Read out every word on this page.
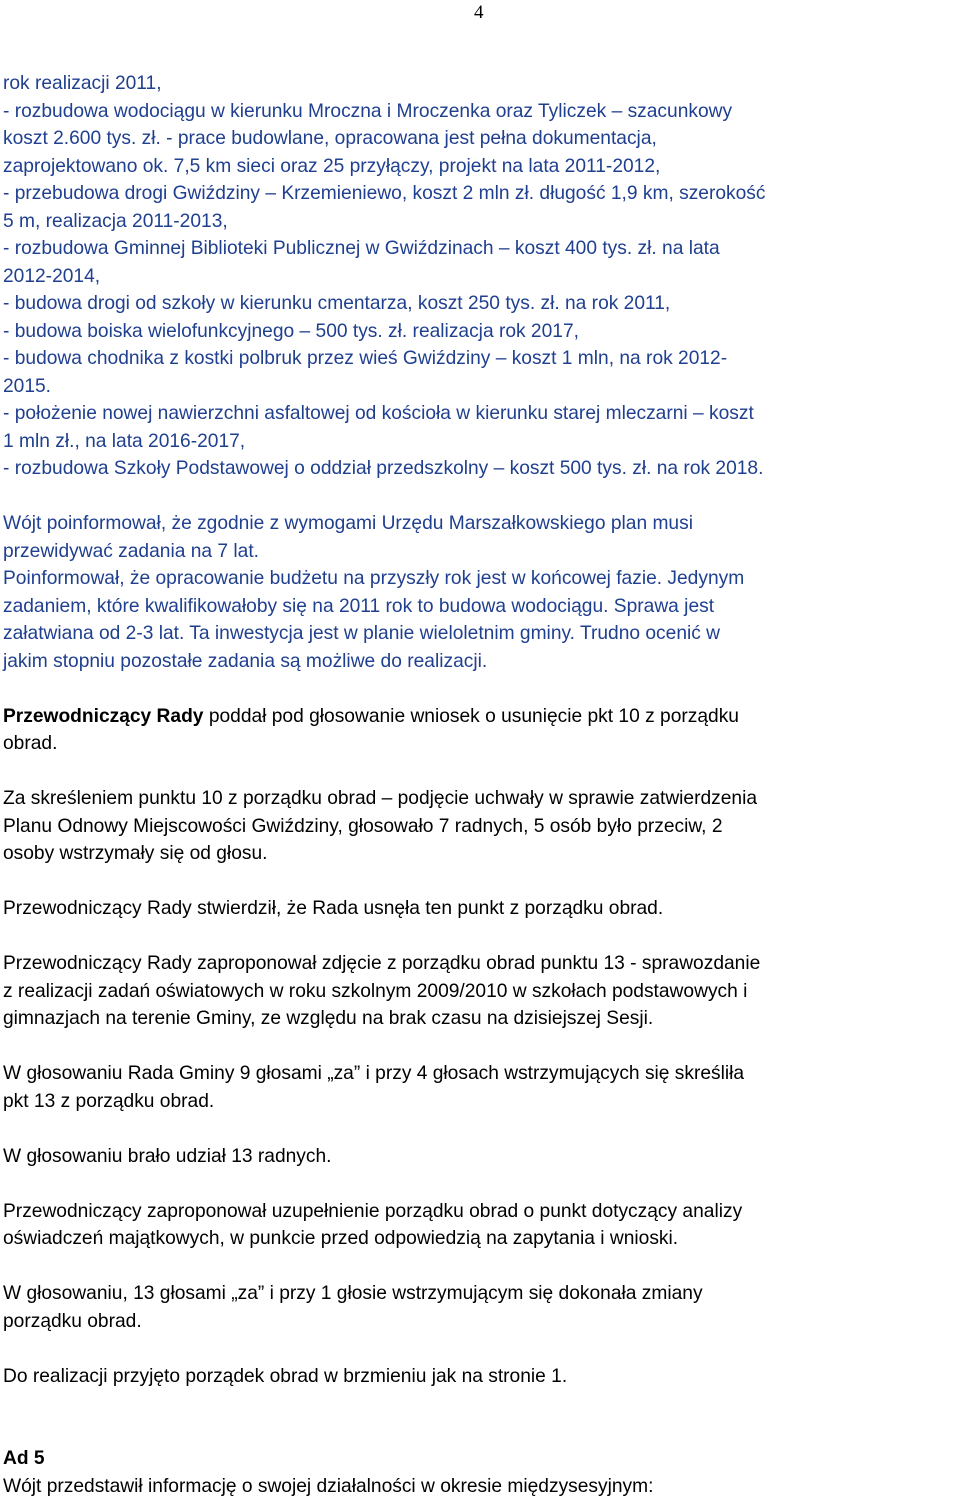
4
rok realizacji 2011,
- rozbudowa wodociągu w kierunku Mroczna i Mroczenka oraz Tyliczek – szacunkowy
koszt 2.600 tys. zł. - prace budowlane, opracowana jest pełna dokumentacja,
zaprojektowano ok. 7,5 km sieci oraz 25 przyłączy, projekt na lata 2011-2012,
- przebudowa drogi Gwiździny – Krzemieniewo, koszt 2 mln zł. długość 1,9 km, szerokość
5 m, realizacja 2011-2013,
- rozbudowa Gminnej Biblioteki Publicznej w Gwiździnach – koszt 400 tys. zł. na lata
2012-2014,
- budowa drogi od szkoły w kierunku cmentarza, koszt 250 tys. zł. na rok 2011,
- budowa boiska wielofunkcyjnego – 500 tys. zł. realizacja rok 2017,
- budowa chodnika z kostki polbruk przez wieś Gwiździny – koszt 1 mln, na rok 2012-
2015.
- położenie nowej nawierzchni asfaltowej od kościoła w kierunku starej mleczarni – koszt
1 mln zł., na lata 2016-2017,
- rozbudowa Szkoły Podstawowej o oddział przedszkolny – koszt 500 tys. zł. na rok 2018.
Wójt poinformował, że zgodnie z wymogami Urzędu Marszałkowskiego plan musi
przewidywać zadania na 7 lat.
Poinformował, że opracowanie budżetu na przyszły rok jest w końcowej fazie. Jedynym
zadaniem, które kwalifikowałoby się na 2011 rok to budowa wodociągu. Sprawa jest
załatwiana od 2-3 lat. Ta inwestycja jest w planie wieloletnim gminy. Trudno ocenić w
jakim stopniu pozostałe zadania są możliwe do realizacji.
Przewodniczący Rady poddał pod głosowanie wniosek o usunięcie pkt 10 z porządku
obrad.
Za skreśleniem punktu 10 z porządku obrad – podjęcie uchwały w sprawie zatwierdzenia
Planu Odnowy Miejscowości Gwiździny, głosowało 7 radnych, 5 osób było przeciw, 2
osoby wstrzymały się od głosu.
Przewodniczący Rady stwierdził, że Rada usnęła ten punkt z porządku obrad.
Przewodniczący Rady zaproponował zdjęcie z porządku obrad punktu 13 - sprawozdanie
z realizacji zadań oświatowych w roku szkolnym 2009/2010 w szkołach podstawowych i
gimnazjach na terenie Gminy, ze względu na brak czasu na dzisiejszej Sesji.
W głosowaniu Rada Gminy 9 głosami „za” i przy 4 głosach wstrzymujących się skreśliła
pkt 13 z porządku obrad.
W głosowaniu brało udział 13 radnych.
Przewodniczący zaproponował uzupełnienie porządku obrad o punkt dotyczący analizy
oświadczeń majątkowych, w punkcie przed odpowiedzią na zapytania i wnioski.
W głosowaniu, 13 głosami „za” i przy 1 głosie wstrzymującym się dokonała zmiany
porządku obrad.
Do realizacji przyjęto porządek obrad w brzmieniu jak na stronie 1.
Ad 5
Wójt przedstawił informację o swojej działalności w okresie międzysesyjnym:
